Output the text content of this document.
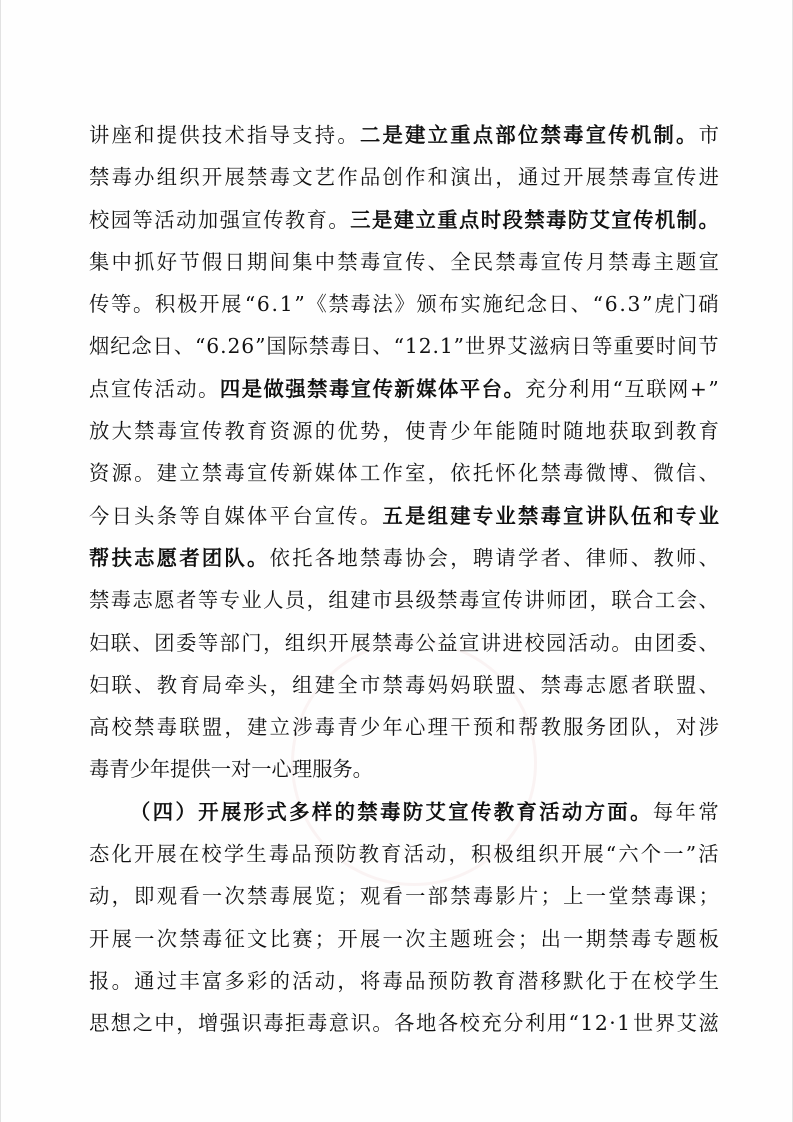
讲 座 和 提 供 技 术 指 导 支 持 。 二 是 建 立 重 点 部 位 禁 毒 宣 传 机 制 。 市
禁 毒 办 组 织 开 展 禁 毒 文 艺 作 品 创 作 和 演 出 ， 通 过 开 展 禁 毒 宣 传 进
校 园 等 活 动 加 强 宣 传 教 育 。 三 是 建 立 重 点 时 段 禁 毒 防 艾 宣 传 机 制 。
集 中 抓 好 节 假 日 期 间 集 中 禁 毒 宣 传 、 全 民 禁 毒 宣 传 月 禁 毒 主 题 宣
传 等 。 积 极 开 展 “ 6 . 1 ” 《 禁 毒 法 》 颁 布 实 施 纪 念 日 、 “ 6 . 3 ” 虎 门 硝
烟 纪 念 日 、 “ 6 . 2 6 ” 国 际 禁 毒 日 、 “ 1 2 . 1 ” 世 界 艾 滋 病 日 等 重 要 时 间 节
点 宣 传 活 动 。 四 是 做 强 禁 毒 宣 传 新 媒 体 平 台 。 充 分 利 用 “ 互 联 网 + ”
放 大 禁 毒 宣 传 教 育 资 源 的 优 势 ， 使 青 少 年 能 随 时 随 地 获 取 到 教 育
资 源 。 建 立 禁 毒 宣 传 新 媒 体 工 作 室 ， 依 托 怀 化 禁 毒 微 博 、 微 信 、
今 日 头 条 等 自 媒 体 平 台 宣 传 。 五 是 组 建 专 业 禁 毒 宣 讲 队 伍 和 专 业
帮 扶 志 愿 者 团 队 。 依 托 各 地 禁 毒 协 会 ， 聘 请 学 者 、 律 师 、 教 师 、
禁 毒 志 愿 者 等 专 业 人 员 ， 组 建 市 县 级 禁 毒 宣 传 讲 师 团 ， 联 合 工 会 、
妇 联 、 团 委 等 部 门 ， 组 织 开 展 禁 毒 公 益 宣 讲 进 校 园 活 动 。 由 团 委 、
妇 联 、 教 育 局 牵 头 ， 组 建 全 市 禁 毒 妈 妈 联 盟 、 禁 毒 志 愿 者 联 盟 、
高 校 禁 毒 联 盟 ， 建 立 涉 毒 青 少 年 心 理 干 预 和 帮 教 服 务 团 队 ， 对 涉
毒青少年提供一对一心理服务。
（ 四 ） 开 展 形 式 多 样 的 禁 毒 防 艾 宣 传 教 育 活 动 方 面 。 每 年 常
态 化 开 展 在 校 学 生 毒 品 预 防 教 育 活 动 ， 积 极 组 织 开 展 “ 六 个 一 ” 活
动 ， 即 观 看 一 次 禁 毒 展 览 ； 观 看 一 部 禁 毒 影 片 ； 上 一 堂 禁 毒 课 ；
开 展 一 次 禁 毒 征 文 比 赛 ； 开 展 一 次 主 题 班 会 ； 出 一 期 禁 毒 专 题 板
报 。 通 过 丰 富 多 彩 的 活 动 ， 将 毒 品 预 防 教 育 潜 移 默 化 于 在 校 学 生
思 想 之 中 ， 增 强 识 毒 拒 毒 意 识 。 各 地 各 校 充 分 利 用 “ 1 2 · 1 世 界 艾 滋
